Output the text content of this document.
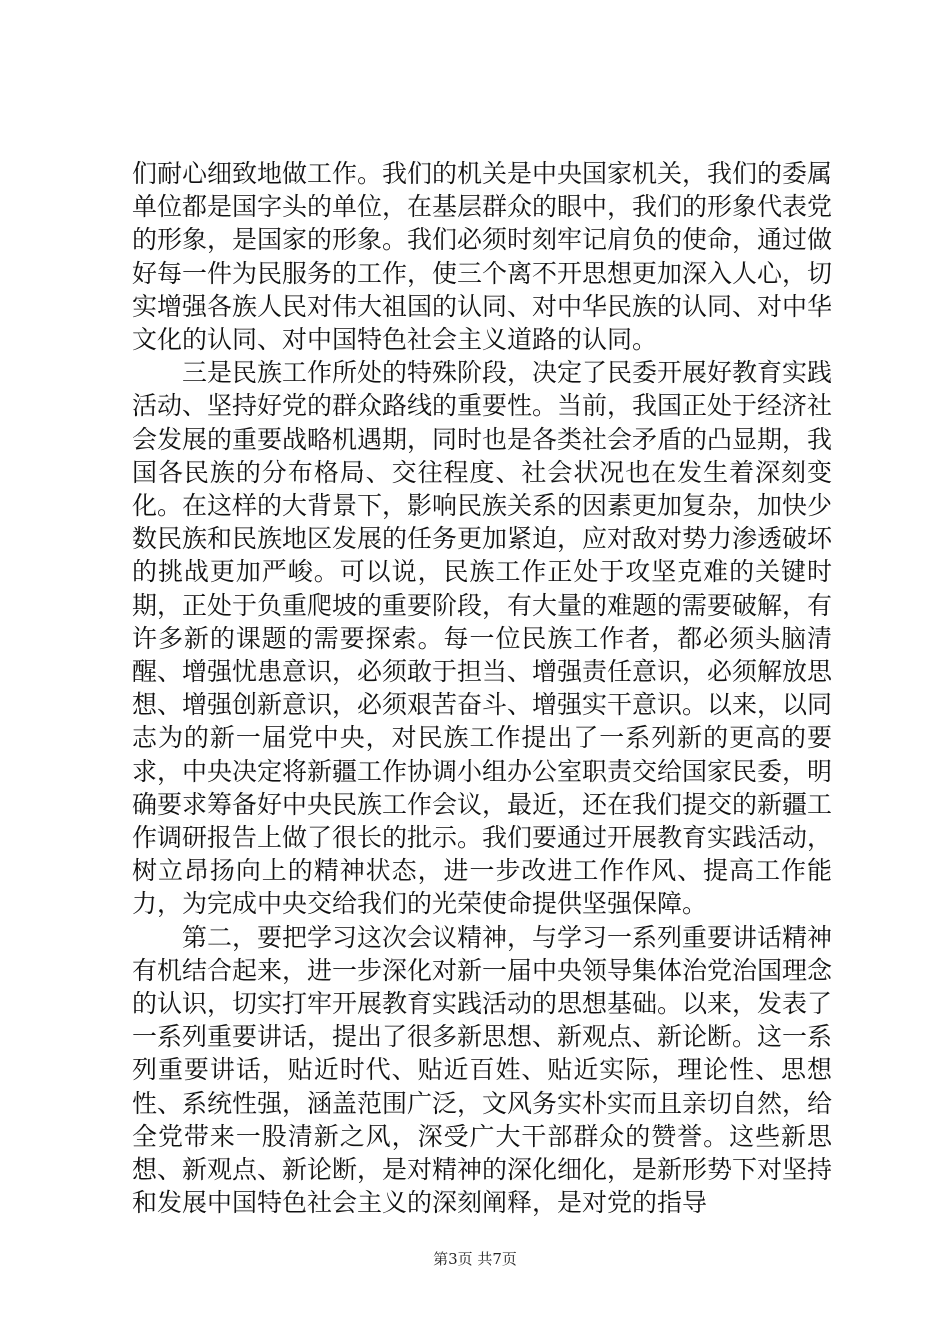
们耐心细致地做工作。我们的机关是中央国家机关，我们的委属单位都是国字头的单位，在基层群众的眼中，我们的形象代表党的形象，是国家的形象。我们必须时刻牢记肩负的使命，通过做好每一件为民服务的工作，使三个离不开思想更加深入人心，切实增强各族人民对伟大祖国的认同、对中华民族的认同、对中华文化的认同、对中国特色社会主义道路的认同。

三是民族工作所处的特殊阶段，决定了民委开展好教育实践活动、坚持好党的群众路线的重要性。当前，我国正处于经济社会发展的重要战略机遇期，同时也是各类社会矛盾的凸显期，我国各民族的分布格局、交往程度、社会状况也在发生着深刻变化。在这样的大背景下，影响民族关系的因素更加复杂，加快少数民族和民族地区发展的任务更加紧迫，应对敌对势力渗透破坏的挑战更加严峻。可以说，民族工作正处于攻坚克难的关键时期，正处于负重爬坡的重要阶段，有大量的难题的需要破解，有许多新的课题的需要探索。每一位民族工作者，都必须头脑清醒、增强忧患意识，必须敢于担当、增强责任意识，必须解放思想、增强创新意识，必须艰苦奋斗、增强实干意识。以来，以同志为的新一届党中央，对民族工作提出了一系列新的更高的要求，中央决定将新疆工作协调小组办公室职责交给国家民委，明确要求筹备好中央民族工作会议，最近，还在我们提交的新疆工作调研报告上做了很长的批示。我们要通过开展教育实践活动，树立昂扬向上的精神状态，进一步改进工作作风、提高工作能力，为完成中央交给我们的光荣使命提供坚强保障。

第二，要把学习这次会议精神，与学习一系列重要讲话精神有机结合起来，进一步深化对新一届中央领导集体治党治国理念的认识，切实打牢开展教育实践活动的思想基础。以来，发表了一系列重要讲话，提出了很多新思想、新观点、新论断。这一系列重要讲话，贴近时代、贴近百姓、贴近实际，理论性、思想性、系统性强，涵盖范围广泛，文风务实朴实而且亲切自然，给全党带来一股清新之风，深受广大干部群众的赞誉。这些新思想、新观点、新论断，是对精神的深化细化，是新形势下对坚持和发展中国特色社会主义的深刻阐释，是对党的指导

第3页 共7页
